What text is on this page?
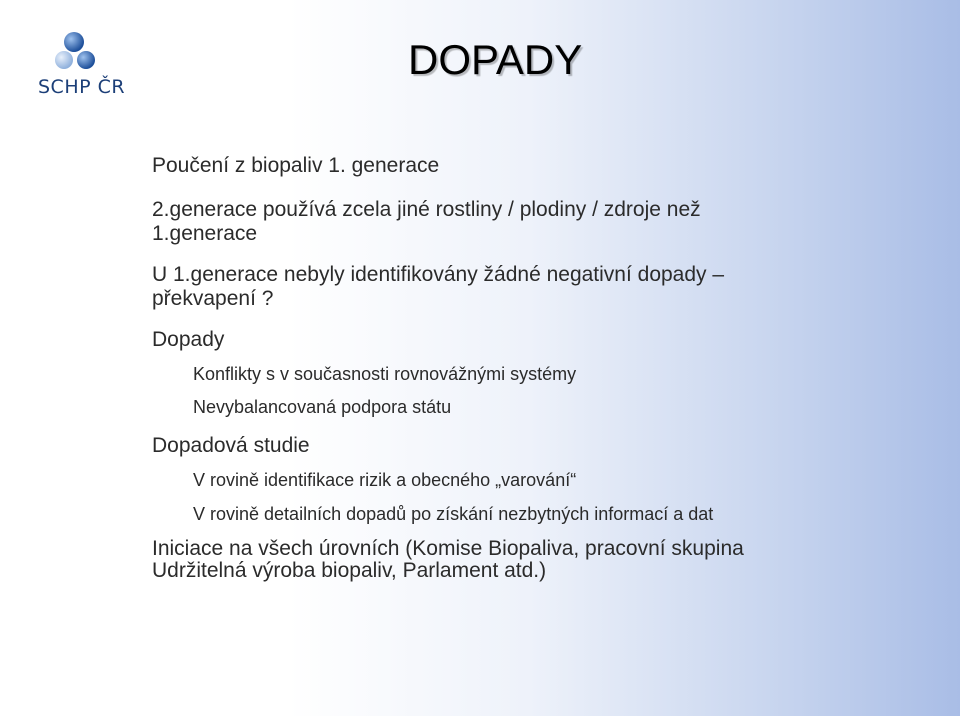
SCHP ČR
DOPADY
• Poučení z biopaliv 1. generace
• 2.generace používá zcela jiné rostliny / plodiny / zdroje než
1.generace
• U 1.generace nebyly identifikovány žádné negativní dopady –
překvapení ?
• Dopady
– Konflikty s v současnosti rovnovážnými systémy
– Nevybalancovaná podpora státu
• Dopadová studie
– V rovině identifikace rizik a obecného „varování“
– V rovině detailních dopadů po získání nezbytných informací a dat
• Iniciace na všech úrovních (Komise Biopaliva, pracovní skupina
Udržitelná výroba biopaliv, Parlament atd.)
